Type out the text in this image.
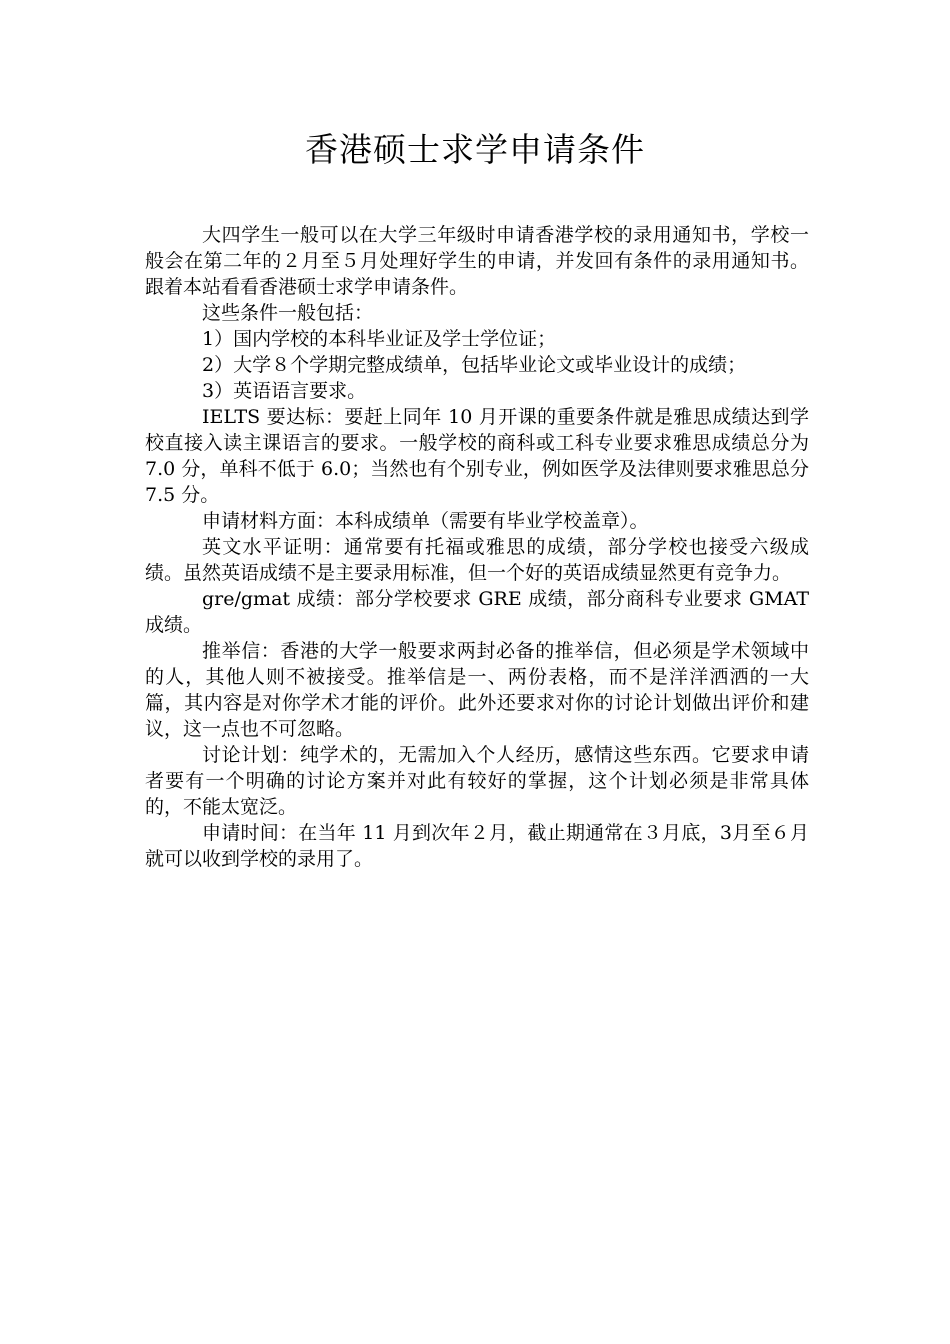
香港硕士求学申请条件

大四学生一般可以在大学三年级时申请香港学校的录用通知书，学校一般会在第二年的２月至５月处理好学生的申请，并发回有条件的录用通知书。跟着本站看看香港硕士求学申请条件。

这些条件一般包括：

1）国内学校的本科毕业证及学士学位证；

2）大学８个学期完整成绩单，包括毕业论文或毕业设计的成绩；

3）英语语言要求。

IELTS 要达标：要赶上同年 10 月开课的重要条件就是雅思成绩达到学校直接入读主课语言的要求。一般学校的商科或工科专业要求雅思成绩总分为 7.0 分，单科不低于 6.0；当然也有个别专业，例如医学及法律则要求雅思总分 7.5 分。

申请材料方面：本科成绩单（需要有毕业学校盖章）。

英文水平证明：通常要有托福或雅思的成绩，部分学校也接受六级成绩。虽然英语成绩不是主要录用标准，但一个好的英语成绩显然更有竞争力。

gre/gmat 成绩：部分学校要求 GRE 成绩，部分商科专业要求 GMAT 成绩。

推举信：香港的大学一般要求两封必备的推举信，但必须是学术领域中的人，其他人则不被接受。推举信是一、两份表格，而不是洋洋洒洒的一大篇，其内容是对你学术才能的评价。此外还要求对你的讨论计划做出评价和建议，这一点也不可忽略。

讨论计划：纯学术的，无需加入个人经历，感情这些东西。它要求申请者要有一个明确的讨论方案并对此有较好的掌握，这个计划必须是非常具体的，不能太宽泛。

申请时间：在当年 11 月到次年２月，截止期通常在３月底，3月至６月就可以收到学校的录用了。
